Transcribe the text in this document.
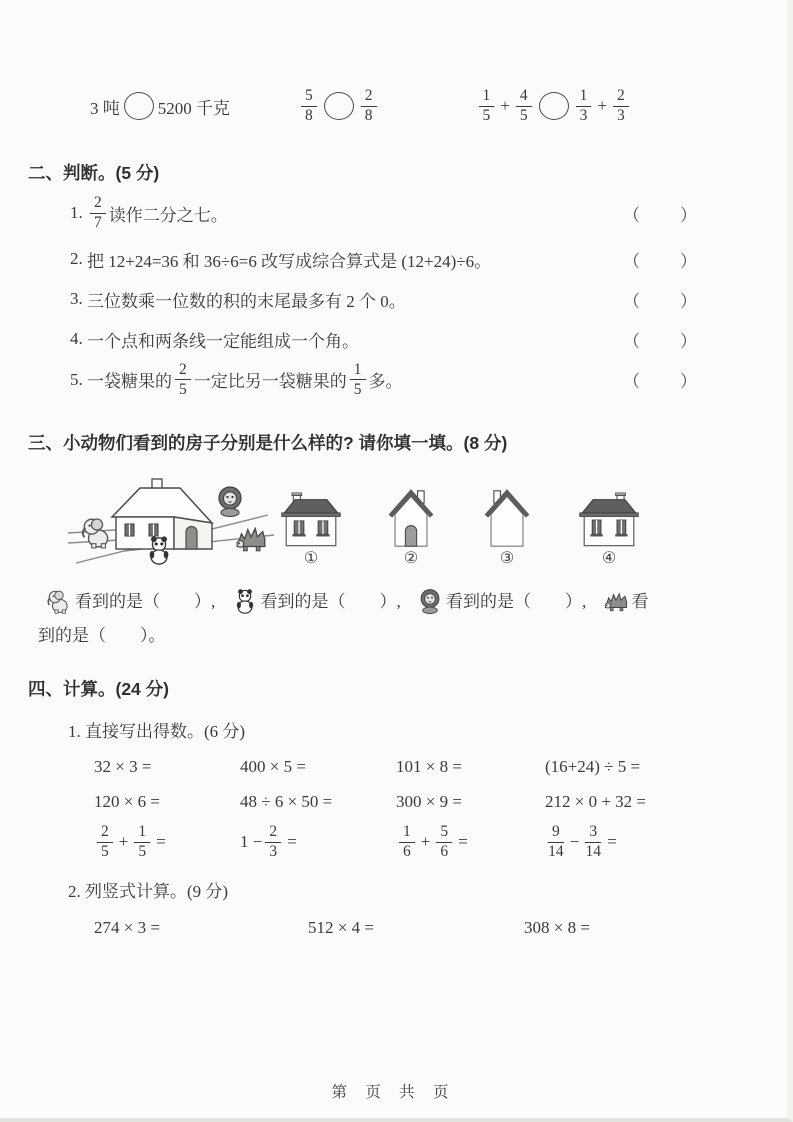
3 吨 5200 千克	$\frac{5}{8}$	$\frac{2}{8}$	$\frac{1}{5} + \frac{4}{5}$	$\frac{1}{3} + \frac{2}{3}$
二、判断。(5 分)
1.
$\frac{2}{7}$ 读作二分之七。	（　　）
2.
把 12+24=36 和 36÷6=6 改写成综合算式是 (12+24)÷6。	（　　）
3.
三位数乘一位数的积的末尾最多有 2 个 0。	（　　）
4.
一个点和两条线一定能组成一个角。	（　　）
5.
一袋糖果的 $\frac{2}{5}$ 一定比另一袋糖果的 $\frac{1}{5}$ 多。	（　　）
三、小动物们看到的房子分别是什么样的? 请你填一填。(8 分)
①	②	③	④
看到的是（　　）,	看到的是（　　）,	看到的是（　　）,	看
到的是（　　）。
四、计算。(24 分)
1. 直接写出得数。(6 分)
32 × 3 =	400 × 5 =	101 × 8 =	(16+24) ÷ 5 =
120 × 6 =	48 ÷ 6 × 50 =	300 × 9 =	212 × 0 + 32 =
$\frac{2}{5} + \frac{1}{5}$ =	$1 - \frac{2}{3}$ =	$\frac{1}{6} + \frac{5}{6}$ =	$\frac{9}{14} - \frac{3}{14}$ =
2. 列竖式计算。(9 分)
274 × 3 =	512 × 4 =	308 × 8 =
第 页 共 页
